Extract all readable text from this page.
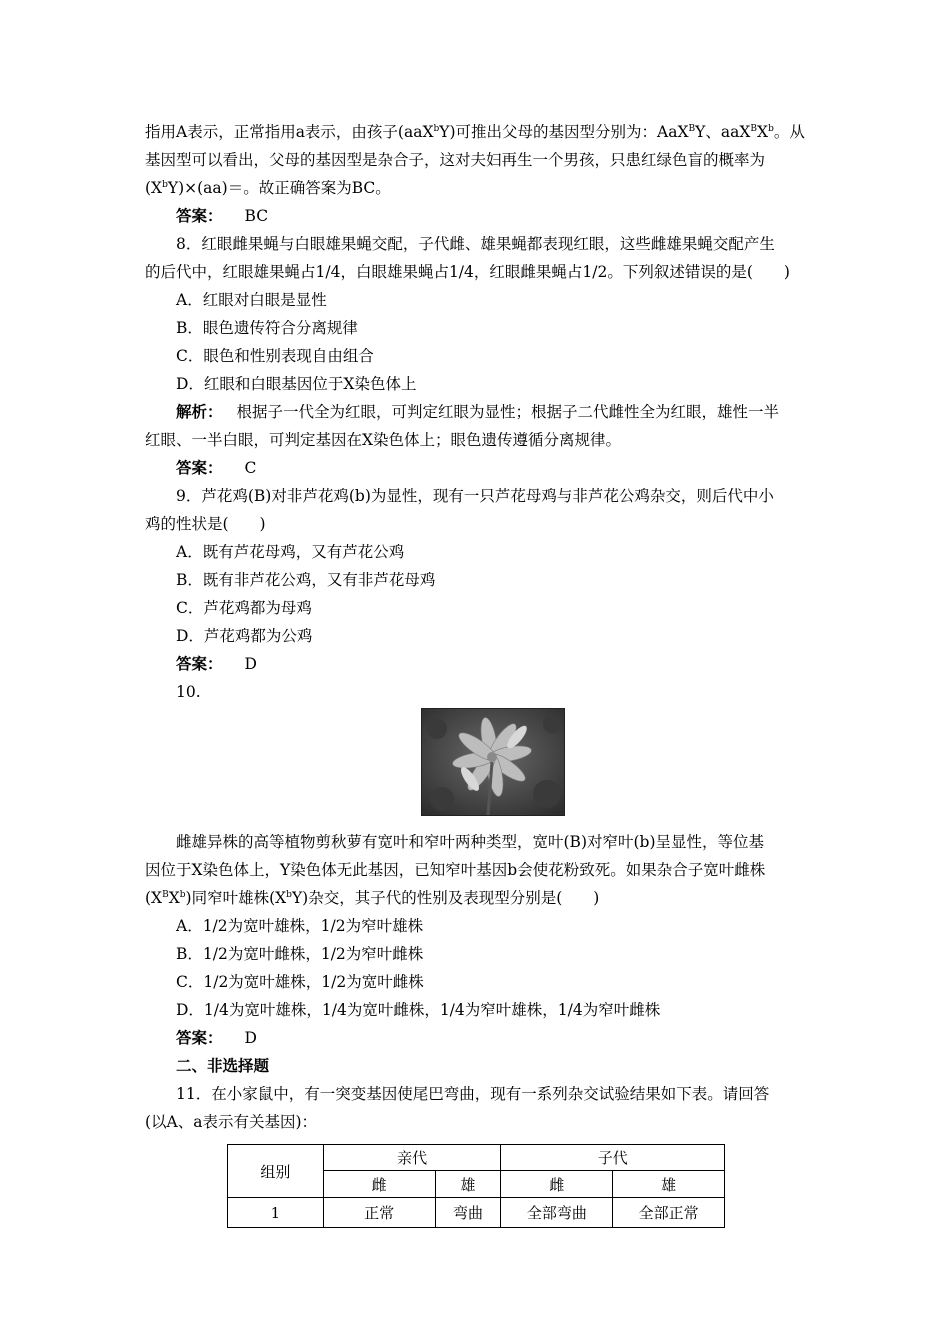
指用A表示，正常指用a表示，由孩子(aaX$^b$Y)可推出父母的基因型分别为：AaX$^B$Y、$aaX^BX^b$。从
基因型可以看出，父母的基因型是杂合子，这对夫妇再生一个男孩，只患红绿色盲的概率为
$(X^bY)\times(aa)=$。故正确答案为BC。
答案： BC
8．红眼雌果蝇与白眼雄果蝇交配，子代雌、雄果蝇都表现红眼，这些雌雄果蝇交配产生
的后代中，红眼雄果蝇占1/4，白眼雄果蝇占1/4，红眼雌果蝇占1/2。下列叙述错误的是(　　)
A．红眼对白眼是显性
B．眼色遗传符合分离规律
C．眼色和性别表现自由组合
D．红眼和白眼基因位于X染色体上
解析： 根据子一代全为红眼，可判定红眼为显性；根据子二代雌性全为红眼，雄性一半
红眼、一半白眼，可判定基因在X染色体上；眼色遗传遵循分离规律。
答案： C
9．芦花鸡(B)对非芦花鸡(b)为显性，现有一只芦花母鸡与非芦花公鸡杂交，则后代中小
鸡的性状是(　　)
A．既有芦花母鸡，又有芦花公鸡
B．既有非芦花公鸡，又有非芦花母鸡
C．芦花鸡都为母鸡
D．芦花鸡都为公鸡
答案： D
10.
雌雄异株的高等植物剪秋萝有宽叶和窄叶两种类型，宽叶(B)对窄叶(b)呈显性，等位基
因位于X染色体上，Y染色体无此基因，已知窄叶基因b会使花粉致死。如果杂合子宽叶雌株
$(X^BX^b)$同窄叶雄株$(X^bY)$杂交，其子代的性别及表现型分别是(　　)
A．1/2为宽叶雄株，1/2为窄叶雄株
B．1/2为宽叶雌株，1/2为窄叶雌株
C．1/2为宽叶雄株，1/2为宽叶雌株
D．1/4为宽叶雄株，1/4为宽叶雌株，1/4为窄叶雄株，1/4为窄叶雌株
答案： D
二、非选择题
11．在小家鼠中，有一突变基因使尾巴弯曲，现有一系列杂交试验结果如下表。请回答
(以A、a表示有关基因)：
组别	亲代		子代	
	雌	雄	雌	雄
1	正常	弯曲	全部弯曲	全部正常
